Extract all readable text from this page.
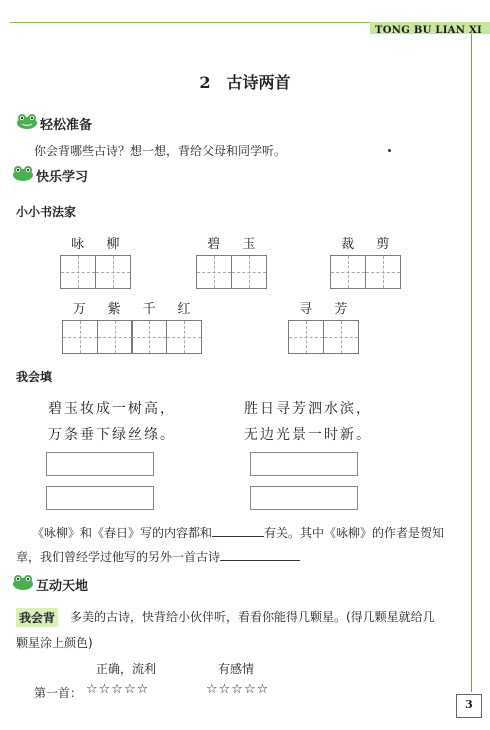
TONG BU LIAN XI
2　古诗两首
轻松准备
你会背哪些古诗？想一想，背给父母和同学听。
快乐学习
小小书法家
咏 柳	碧 玉	裁 剪
万 紫 千 红	寻 芳
我会填
碧玉妆成一树高，
万条垂下绿丝绦。
胜日寻芳泗水滨，
无边光景一时新。
《咏柳》和《春日》写的内容都和	有关。其中《咏柳》的作者是贺知
章，我们曾经学过他写的另外一首古诗
互动天地
我会背 多美的古诗，快背给小伙伴听，看看你能得几颗星。(得几颗星就给几
颗星涂上颜色)
正确，流利	有感情
第一首： ☆☆☆☆☆	☆☆☆☆☆
3
